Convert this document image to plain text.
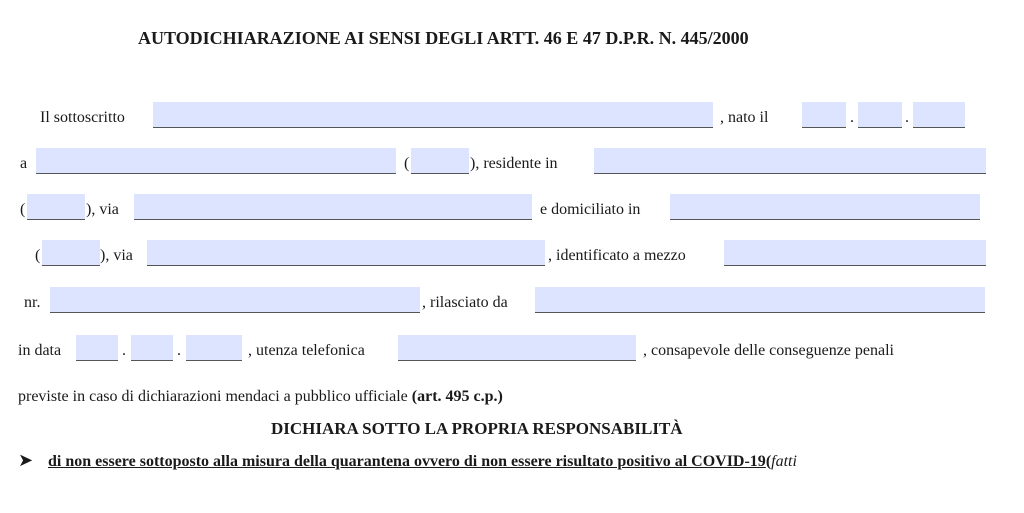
AUTODICHIARAZIONE AI SENSI DEGLI ARTT. 46 E 47 D.P.R. N. 445/2000
Il sottoscritto	, nato il	.	.
a	(	), residente in
(	), via	e domiciliato in
(	), via	, identificato a mezzo
nr.	, rilasciato da
in data	.	.	, utenza telefonica	, consapevole delle conseguenze penali
previste in caso di dichiarazioni mendaci a pubblico ufficiale (art. 495 c.p.)
DICHIARA SOTTO LA PROPRIA RESPONSABILITÀ
➤ di non essere sottoposto alla misura della quarantena ovvero di non essere risultato positivo al COVID-19(fatti
